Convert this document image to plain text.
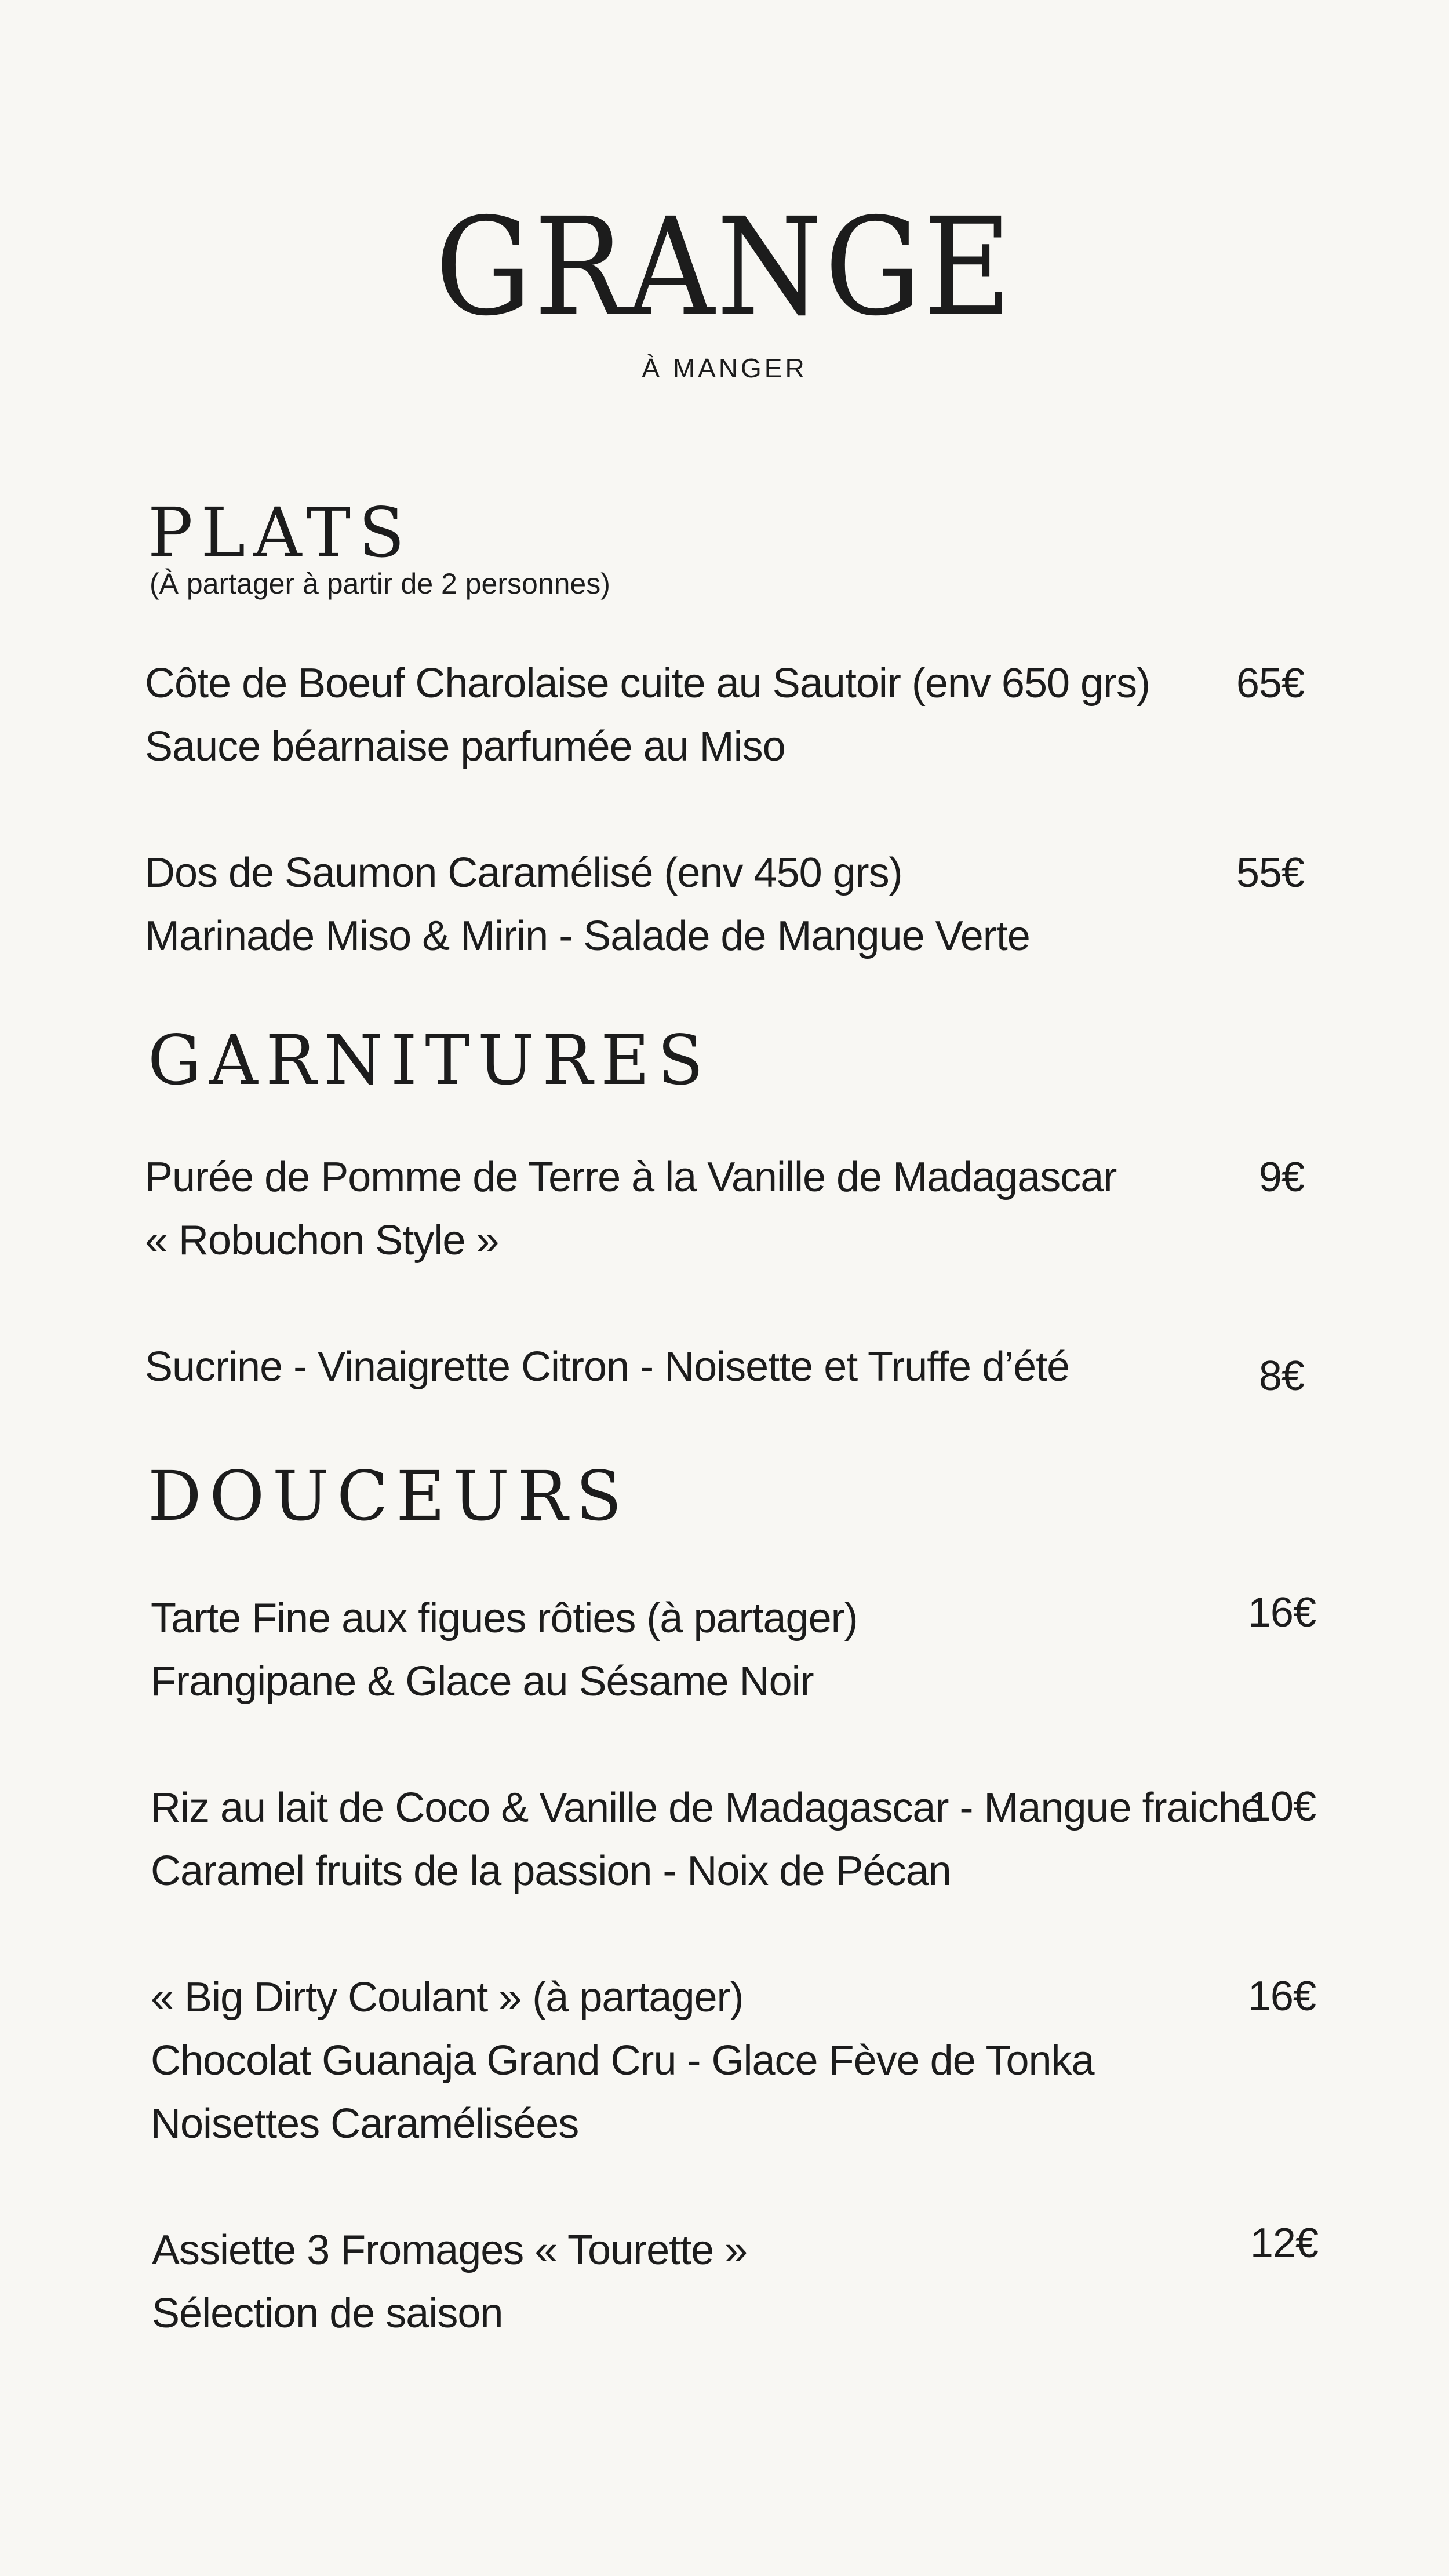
GRANGE
À MANGER
PLATS
(À partager à partir de 2 personnes)
Côte de Boeuf Charolaise cuite au Sautoir (env 650 grs)
Sauce béarnaise parfumée au Miso
65€
Dos de Saumon Caramélisé (env 450 grs)
Marinade Miso & Mirin - Salade de Mangue Verte
55€
GARNITURES
Purée de Pomme de Terre à la Vanille de Madagascar
« Robuchon Style »
9€
Sucrine - Vinaigrette Citron - Noisette et Truffe d’été	8€
DOUCEURS
Tarte Fine aux figues rôties (à partager)
Frangipane & Glace au Sésame Noir
16€
Riz au lait de Coco & Vanille de Madagascar - Mangue fraiche
Caramel fruits de la passion - Noix de Pécan
10€
« Big Dirty Coulant » (à partager)
Chocolat Guanaja Grand Cru - Glace Fève de Tonka
Noisettes Caramélisées
16€
Assiette 3 Fromages « Tourette »
Sélection de saison
12€
